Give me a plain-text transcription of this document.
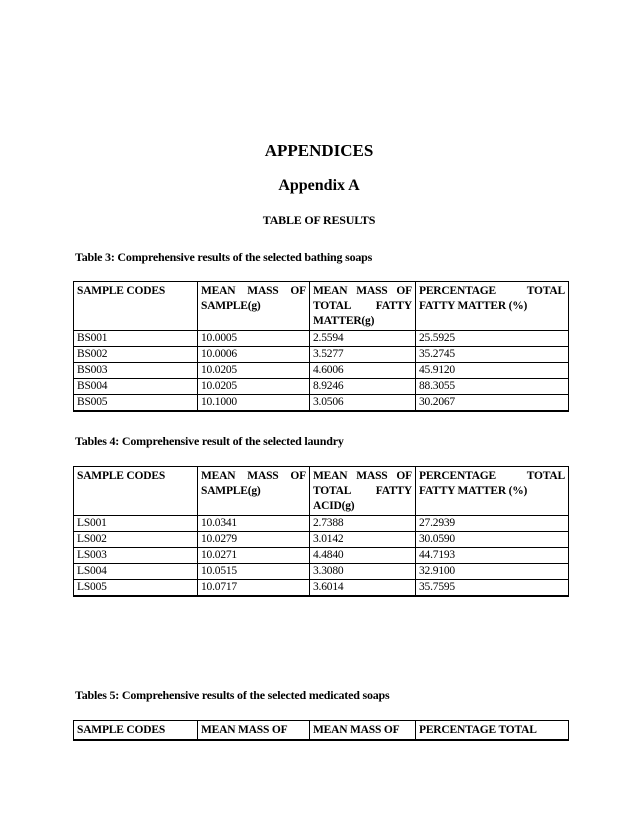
APPENDICES
Appendix A
TABLE OF RESULTS
Table 3: Comprehensive results of the selected bathing soaps
SAMPLE CODES	MEAN MASS OF SAMPLE(g)	MEAN MASS OF TOTAL FATTY MATTER(g)	PERCENTAGE TOTAL FATTY MATTER (%)
BS001	10.0005	2.5594	25.5925
BS002	10.0006	3.5277	35.2745
BS003	10.0205	4.6006	45.9120
BS004	10.0205	8.9246	88.3055
BS005	10.1000	3.0506	30.2067
Tables 4: Comprehensive result of the selected laundry
SAMPLE CODES	MEAN MASS OF SAMPLE(g)	MEAN MASS OF TOTAL FATTY ACID(g)	PERCENTAGE TOTAL FATTY MATTER (%)
LS001	10.0341	2.7388	27.2939
LS002	10.0279	3.0142	30.0590
LS003	10.0271	4.4840	44.7193
LS004	10.0515	3.3080	32.9100
LS005	10.0717	3.6014	35.7595
Tables 5: Comprehensive results of the selected medicated soaps
SAMPLE CODES	MEAN MASS OF	MEAN MASS OF	PERCENTAGE TOTAL
